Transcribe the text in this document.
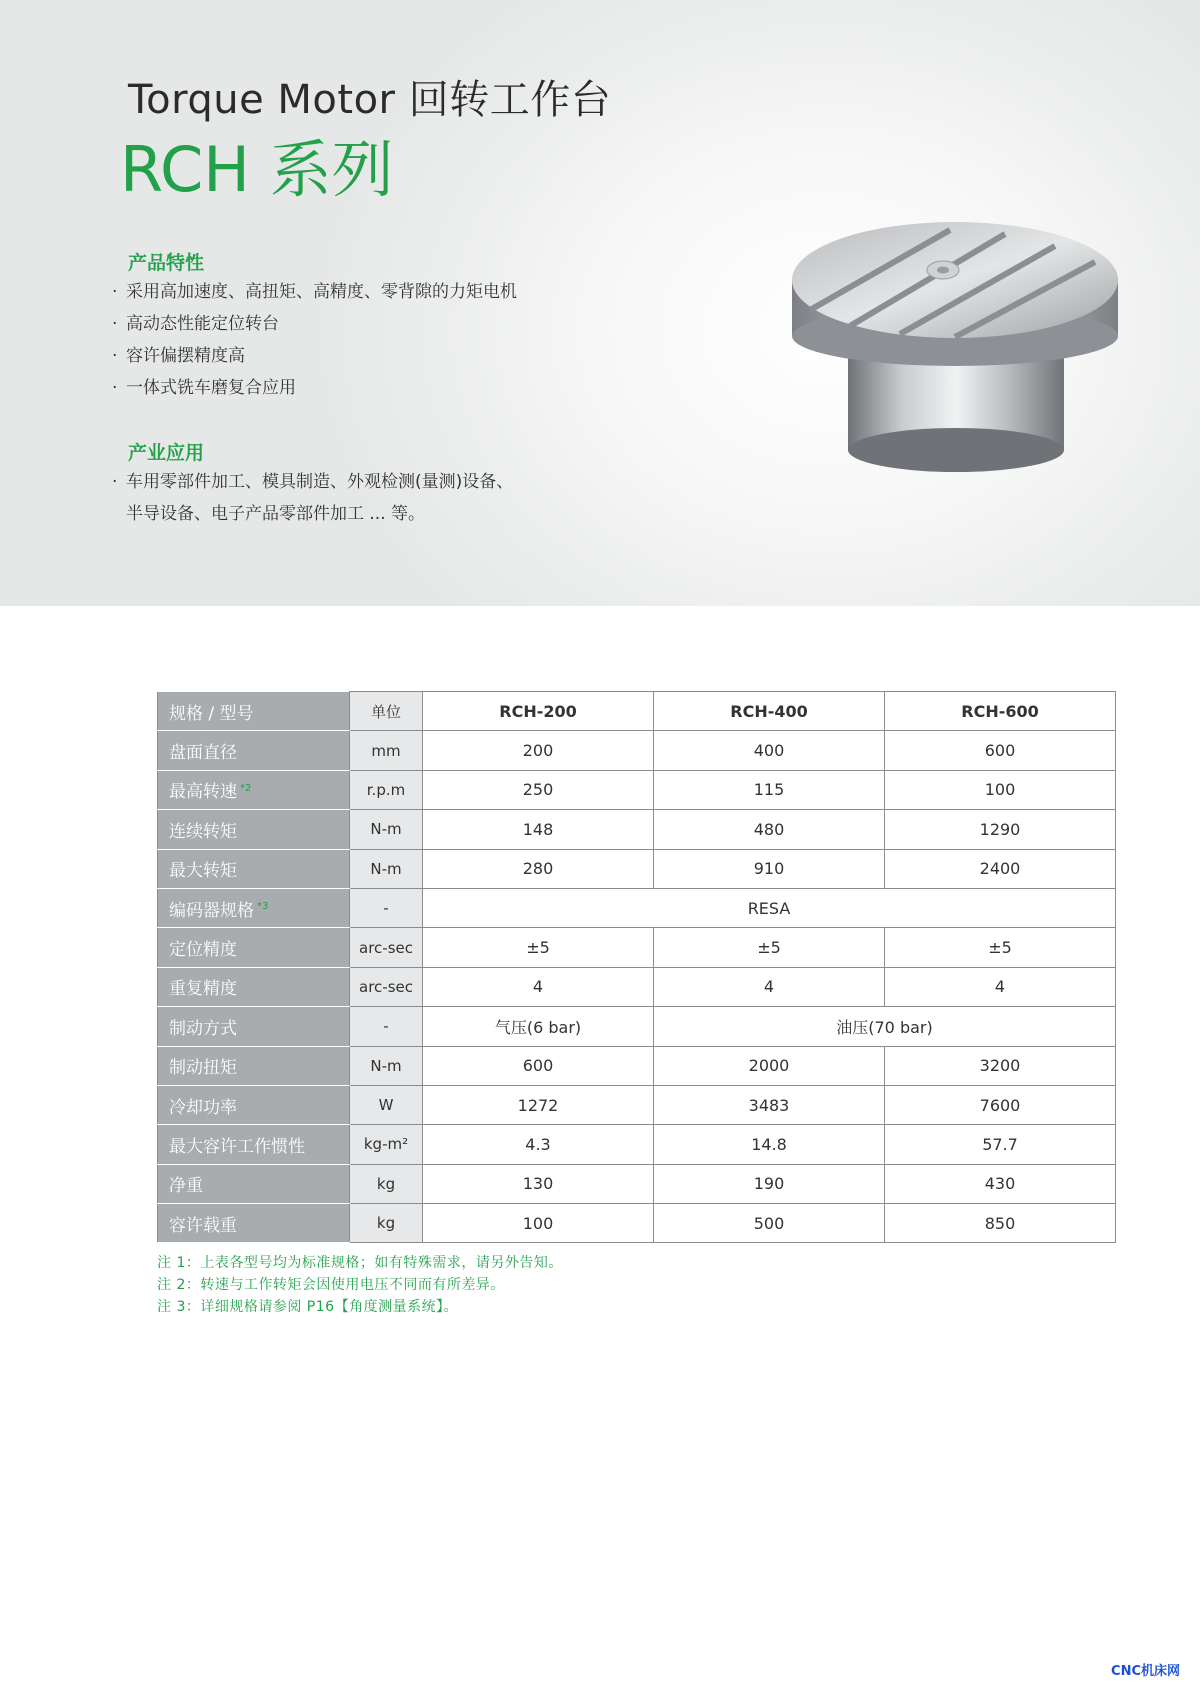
Torque Motor 回转工作台
RCH 系列
产品特性
· 采用高加速度、高扭矩、高精度、零背隙的力矩电机
· 高动态性能定位转台
· 容许偏摆精度高
· 一体式铣车磨复合应用
产业应用
· 车用零部件加工、模具制造、外观检测(量测)设备、
半导设备、电子产品零部件加工 ... 等。
规格 / 型号	单位	RCH-200	RCH-400	RCH-600
盘面直径	mm	200	400	600
最高转速 $^{*2}$	r.p.m	250	115	100
连续转矩	N-m	148	480	1290
最大转矩	N-m	280	910	2400
编码器规格 $^{*3}$	-	RESA		
定位精度	arc-sec	±5	±5	±5
重复精度	arc-sec	4	4	4
制动方式	-	气压(6 bar)	油压(70 bar)	
制动扭矩	N-m	600	2000	3200
冷却功率	W	1272	3483	7600
最大容许工作惯性	kg-m²	4.3	14.8	57.7
净重	kg	130	190	430
容许载重	kg	100	500	850
注 1：上表各型号均为标准规格；如有特殊需求，请另外告知。
注 2：转速与工作转矩会因使用电压不同而有所差异。
注 3：详细规格请参阅 P16【角度测量系统】。
CNC机床网
